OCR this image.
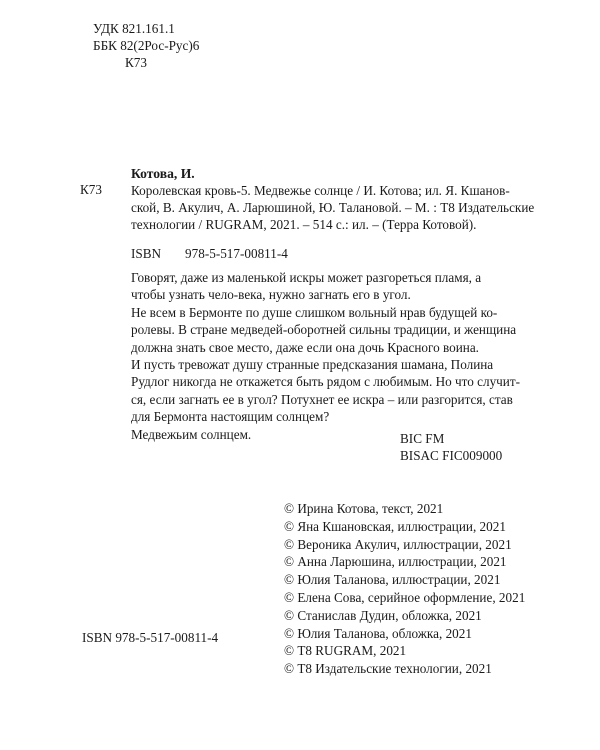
УДК 821.161.1
ББК 82(2Рос-Рус)6
К73
Котова, И.
К73 Королевская кровь-5. Медвежье солнце / И. Котова; ил. Я. Кшанов-
ской, В. Акулич, А. Ларюшиной, Ю. Талановой. – М. : Т8 Издательские
технологии / RUGRAM, 2021. – 514 с.: ил. – (Терра Котовой).
ISBN 978-5-517-00811-4
Говорят, даже из маленькой искры может разгореться пламя, а
чтобы узнать чело-века, нужно загнать его в угол.
Не всем в Бермонте по душе слишком вольный нрав будущей ко-
ролевы. В стране медведей-оборотней сильны традиции, и женщина
должна знать свое место, даже если она дочь Красного воина.
И пусть тревожат душу странные предсказания шамана, Полина
Рудлог никогда не откажется быть рядом с любимым. Но что случит-
ся, если загнать ее в угол? Потухнет ее искра – или разгорится, став
для Бермонта настоящим солнцем?
Медвежьим солнцем.	BIC FM
BISAC FIC009000
© Ирина Котова, текст, 2021
© Яна Кшановская, иллюстрации, 2021
© Вероника Акулич, иллюстрации, 2021
© Анна Ларюшина, иллюстрации, 2021
© Юлия Таланова, иллюстрации, 2021
© Елена Сова, серийное оформление, 2021
© Станислав Дудин, обложка, 2021
© Юлия Таланова, обложка, 2021
© Т8 RUGRAM, 2021
© Т8 Издательские технологии, 2021
ISBN 978-5-517-00811-4
